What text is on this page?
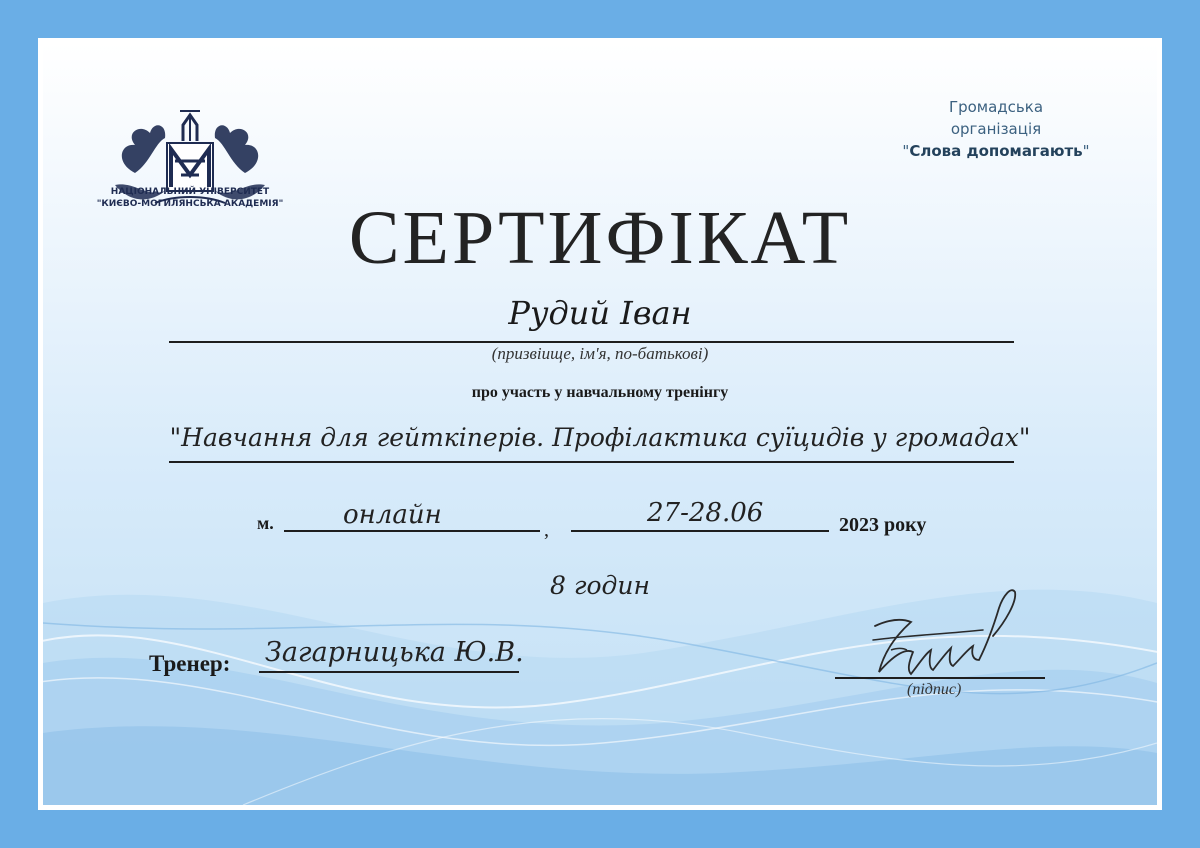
НАЦІОНАЛЬНИЙ УНІВЕРСИТЕТ
"КИЄВО-МОГИЛЯНСЬКА АКАДЕМІЯ"
Громадська
організація
"Слова допомагають"
СЕРТИФІКАТ
Рудий Іван
(призвіище, ім'я, по-батькові)
про участь у навчальному тренінгу
"Навчання для гейткіперів. Профілактика суїцидів у громадах"
м.	онлайн	,
27-28.06	2023 року
8 годин
Тренер: Загарницька Ю.В.
(підпис)
